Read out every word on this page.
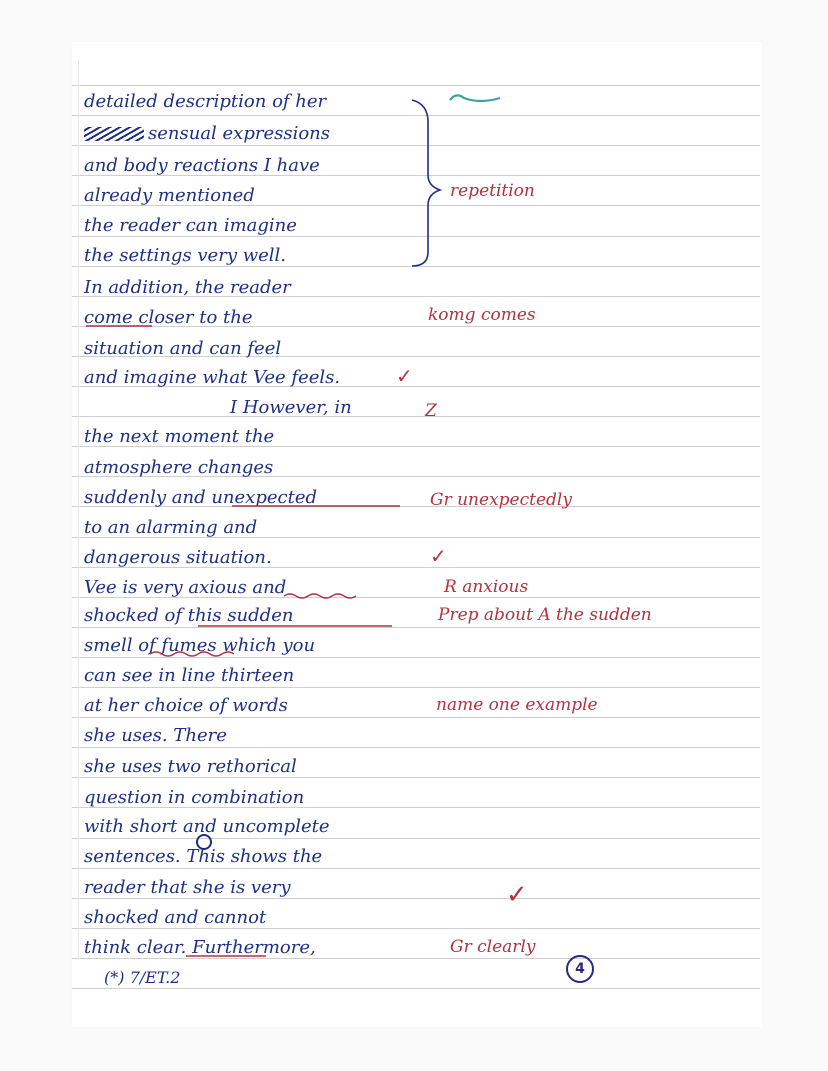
detailed description of her
sensual expressions
and body reactions I have
already mentioned
the reader can imagine
the settings very well.
In addition, the reader
come closer to the
situation and can feel
and imagine what Vee feels.
I However, in
the next moment the
atmosphere changes
suddenly and unexpected
to an alarming and
dangerous situation.
Vee is very axious and
shocked of this sudden
smell of fumes which you
can see in line thirteen
at her choice of words
she uses. There
she uses two rethorical
question in combination
with short and uncomplete
sentences. This shows the
reader that she is very
shocked and cannot
think clear. Furthermore,
repetition
komg comes
Z
Gr unexpectedly
R anxious
Prep about A the sudden
name one example
Gr clearly
✓
✓
✓
4
(*) 7/ET.2
